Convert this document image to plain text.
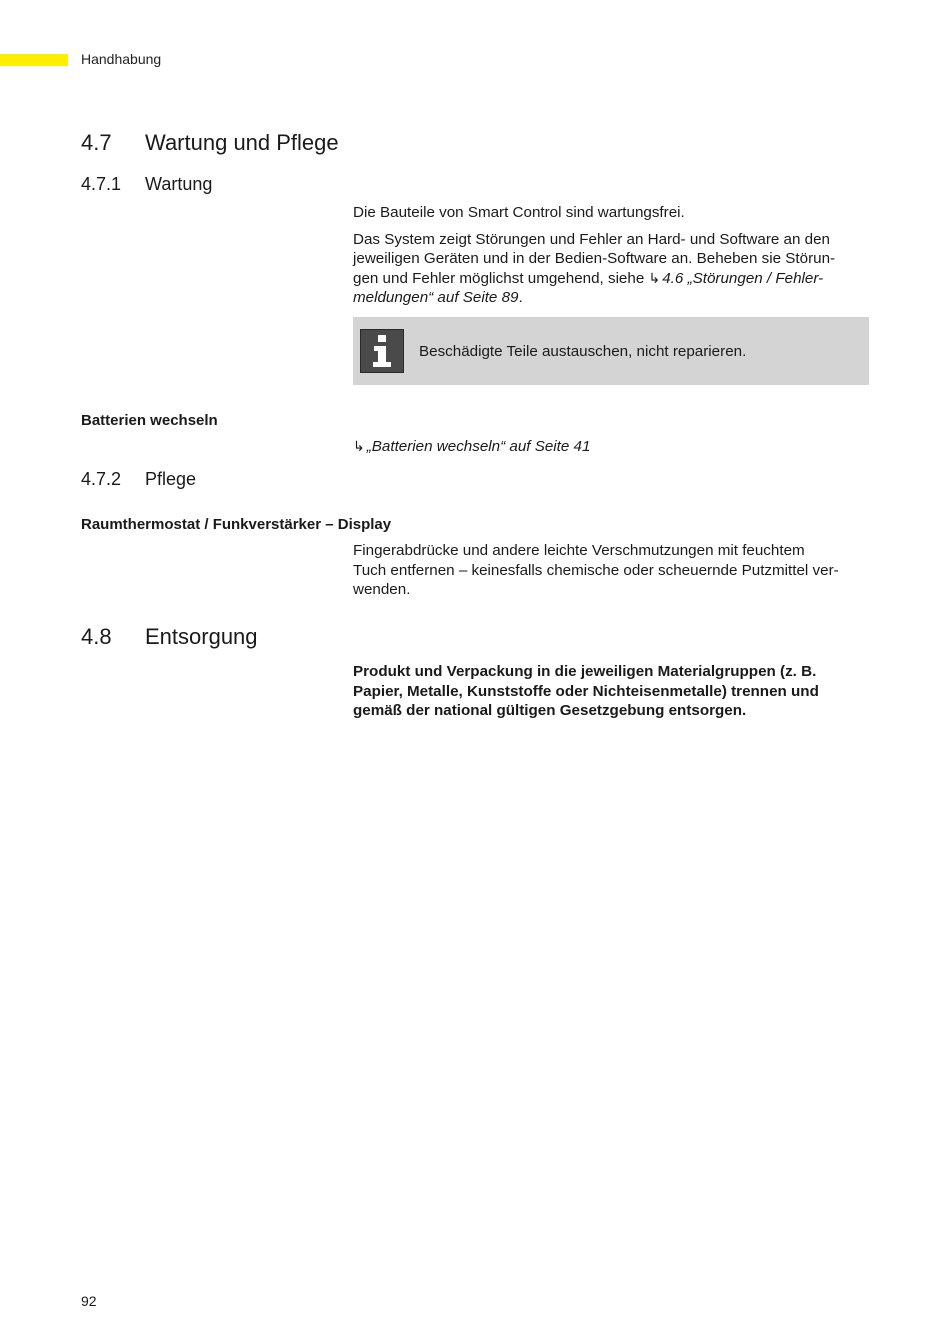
Handhabung
4.7 Wartung und Pflege
4.7.1 Wartung

Die Bauteile von Smart Control sind wartungsfrei.

Das System zeigt Störungen und Fehler an Hard- und Software an den
jeweiligen Geräten und in der Bedien-Software an. Beheben sie Störun-
gen und Fehler möglichst umgehend, siehe ↳ 4.6 „Störungen / Fehler-
meldungen“ auf Seite 89.

Beschädigte Teile austauschen, nicht reparieren.
Batterien wechseln
↳ „Batterien wechseln“ auf Seite 41
4.7.2 Pflege
Raumthermostat / Funkverstärker – Display
Fingerabdrücke und andere leichte Verschmutzungen mit feuchtem
Tuch entfernen – keinesfalls chemische oder scheuernde Putzmittel ver-
wenden.
4.8 Entsorgung
Produkt und Verpackung in die jeweiligen Materialgruppen (z. B.
Papier, Metalle, Kunststoffe oder Nichteisenmetalle) trennen und
gemäß der national gültigen Gesetzgebung entsorgen.
92
